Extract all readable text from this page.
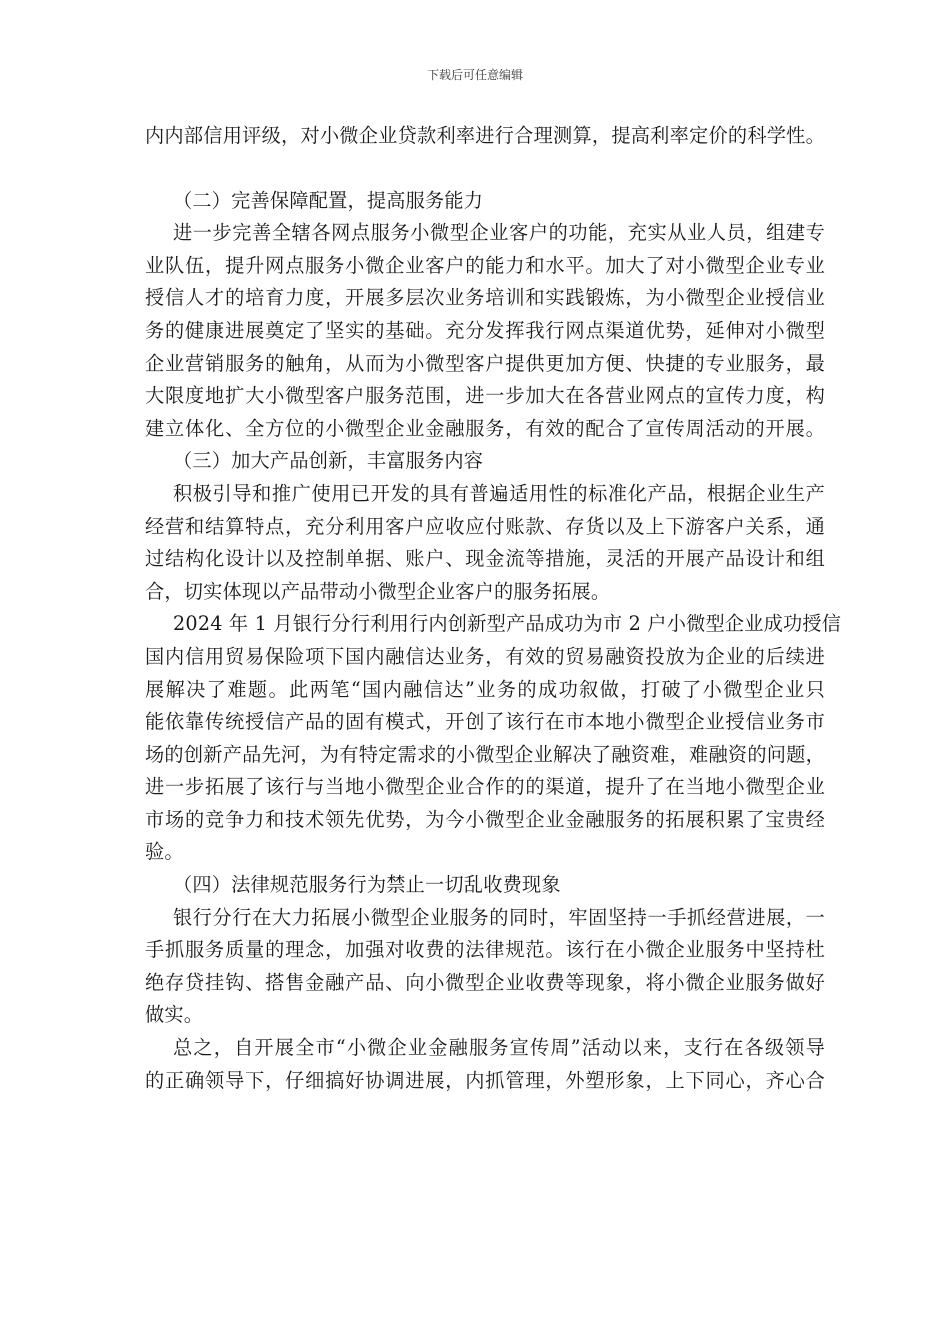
下载后可任意编辑
内内部信用评级，对小微企业贷款利率进行合理测算，提高利率定价的科学性。
（二）完善保障配置，提高服务能力
进一步完善全辖各网点服务小微型企业客户的功能，充实从业人员，组建专
业队伍，提升网点服务小微企业客户的能力和水平。加大了对小微型企业专业
授信人才的培育力度，开展多层次业务培训和实践锻炼，为小微型企业授信业
务的健康进展奠定了坚实的基础。充分发挥我行网点渠道优势，延伸对小微型
企业营销服务的触角，从而为小微型客户提供更加方便、快捷的专业服务，最
大限度地扩大小微型客户服务范围，进一步加大在各营业网点的宣传力度，构
建立体化、全方位的小微型企业金融服务，有效的配合了宣传周活动的开展。
（三）加大产品创新，丰富服务内容
积极引导和推广使用已开发的具有普遍适用性的标准化产品，根据企业生产
经营和结算特点，充分利用客户应收应付账款、存货以及上下游客户关系，通
过结构化设计以及控制单据、账户、现金流等措施，灵活的开展产品设计和组
合，切实体现以产品带动小微型企业客户的服务拓展。
2024 年 1 月银行分行利用行内创新型产品成功为市 2 户小微型企业成功授信
国内信用贸易保险项下国内融信达业务，有效的贸易融资投放为企业的后续进
展解决了难题。此两笔“国内融信达”业务的成功叙做，打破了小微型企业只
能依靠传统授信产品的固有模式，开创了该行在市本地小微型企业授信业务市
场的创新产品先河，为有特定需求的小微型企业解决了融资难，难融资的问题，
进一步拓展了该行与当地小微型企业合作的的渠道，提升了在当地小微型企业
市场的竞争力和技术领先优势，为今小微型企业金融服务的拓展积累了宝贵经
验。
（四）法律规范服务行为禁止一切乱收费现象
银行分行在大力拓展小微型企业服务的同时，牢固坚持一手抓经营进展，一
手抓服务质量的理念，加强对收费的法律规范。该行在小微企业服务中坚持杜
绝存贷挂钩、搭售金融产品、向小微型企业收费等现象，将小微企业服务做好
做实。
总之，自开展全市“小微企业金融服务宣传周”活动以来，支行在各级领导
的正确领导下，仔细搞好协调进展，内抓管理，外塑形象，上下同心，齐心合
